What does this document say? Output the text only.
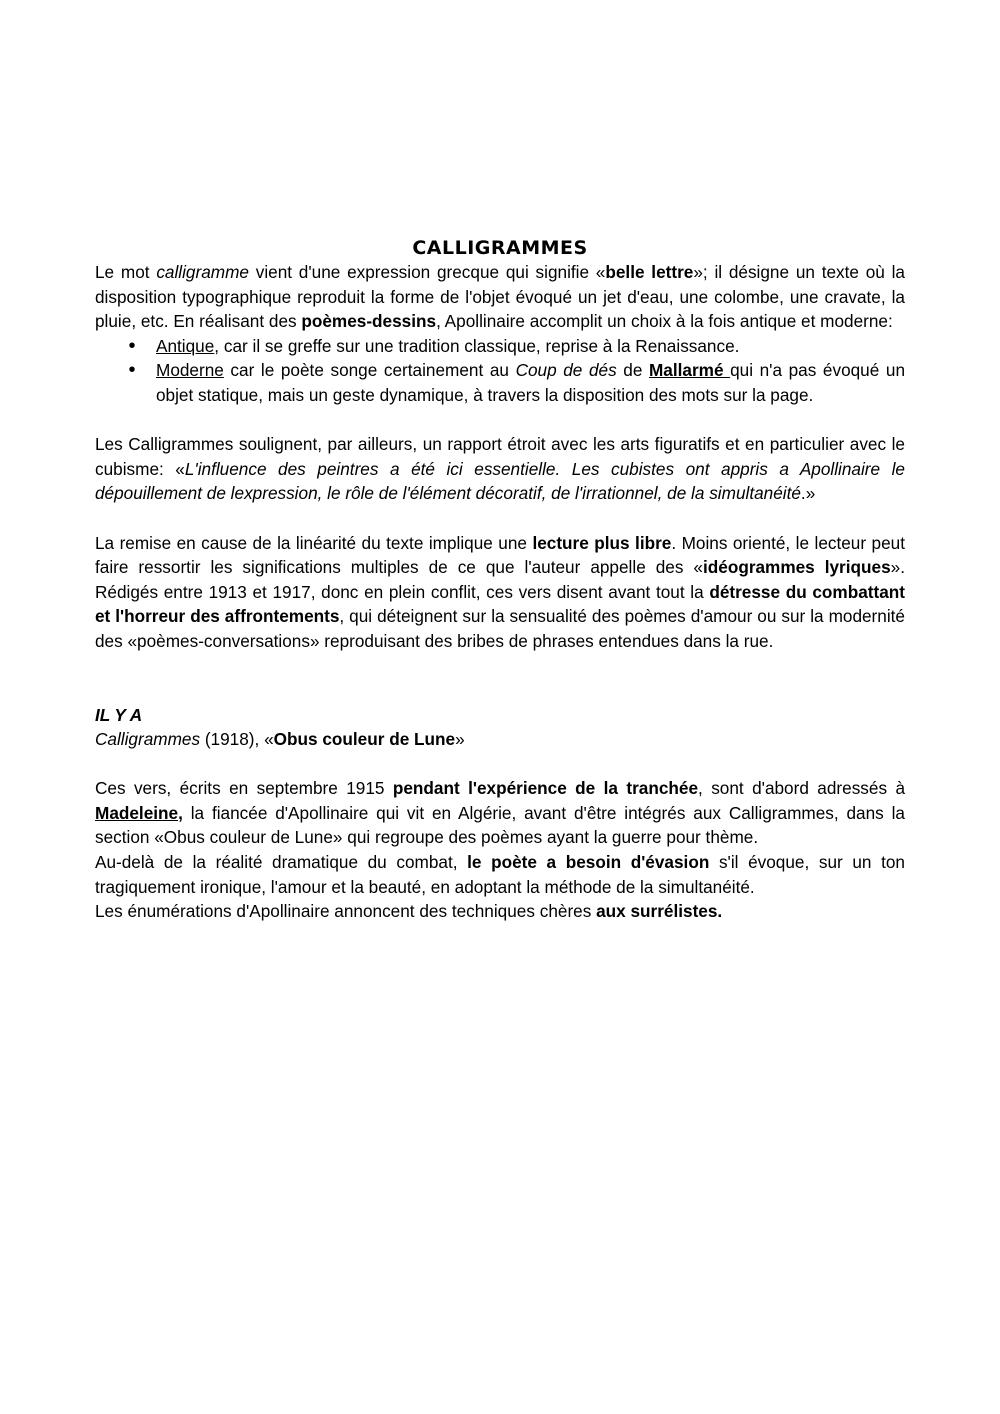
CALLIGRAMMES

Le mot calligramme vient d'une expression grecque qui signifie «belle lettre»; il désigne un texte où la disposition typographique reproduit la forme de l'objet évoqué un jet d'eau, une colombe, une cravate, la pluie, etc. En réalisant des poèmes-dessins, Apollinaire accomplit un choix à la fois antique et moderne:

•
Antique, car il se greffe sur une tradition classique, reprise à la Renaissance.
•
Moderne car le poète songe certainement au Coup de dés de Mallarmé qui n'a pas évoqué un objet statique, mais un geste dynamique, à travers la disposition des mots sur la page.

Les Calligrammes soulignent, par ailleurs, un rapport étroit avec les arts figuratifs et en particulier avec le cubisme: «L'influence des peintres a été ici essentielle. Les cubistes ont appris a Apollinaire le dépouillement de lexpression, le rôle de l'élément décoratif, de l'irrationnel, de la simultanéité.»

La remise en cause de la linéarité du texte implique une lecture plus libre. Moins orienté, le lecteur peut faire ressortir les significations multiples de ce que l'auteur appelle des «idéogrammes lyriques». Rédigés entre 1913 et 1917, donc en plein conflit, ces vers disent avant tout la détresse du combattant et l'horreur des affrontements, qui déteignent sur la sensualité des poèmes d'amour ou sur la modernité des «poèmes-conversations» reproduisant des bribes de phrases entendues dans la rue.

IL Y A

Calligrammes (1918), «Obus couleur de Lune»

Ces vers, écrits en septembre 1915 pendant l'expérience de la tranchée, sont d'abord adressés à Madeleine, la fiancée d'Apollinaire qui vit en Algérie, avant d'être intégrés aux Calligrammes, dans la section «Obus couleur de Lune» qui regroupe des poèmes ayant la guerre pour thème.

Au-delà de la réalité dramatique du combat, le poète a besoin d'évasion s'il évoque, sur un ton tragiquement ironique, l'amour et la beauté, en adoptant la méthode de la simultanéité.

Les énumérations d'Apollinaire annoncent des techniques chères aux surrélistes.
